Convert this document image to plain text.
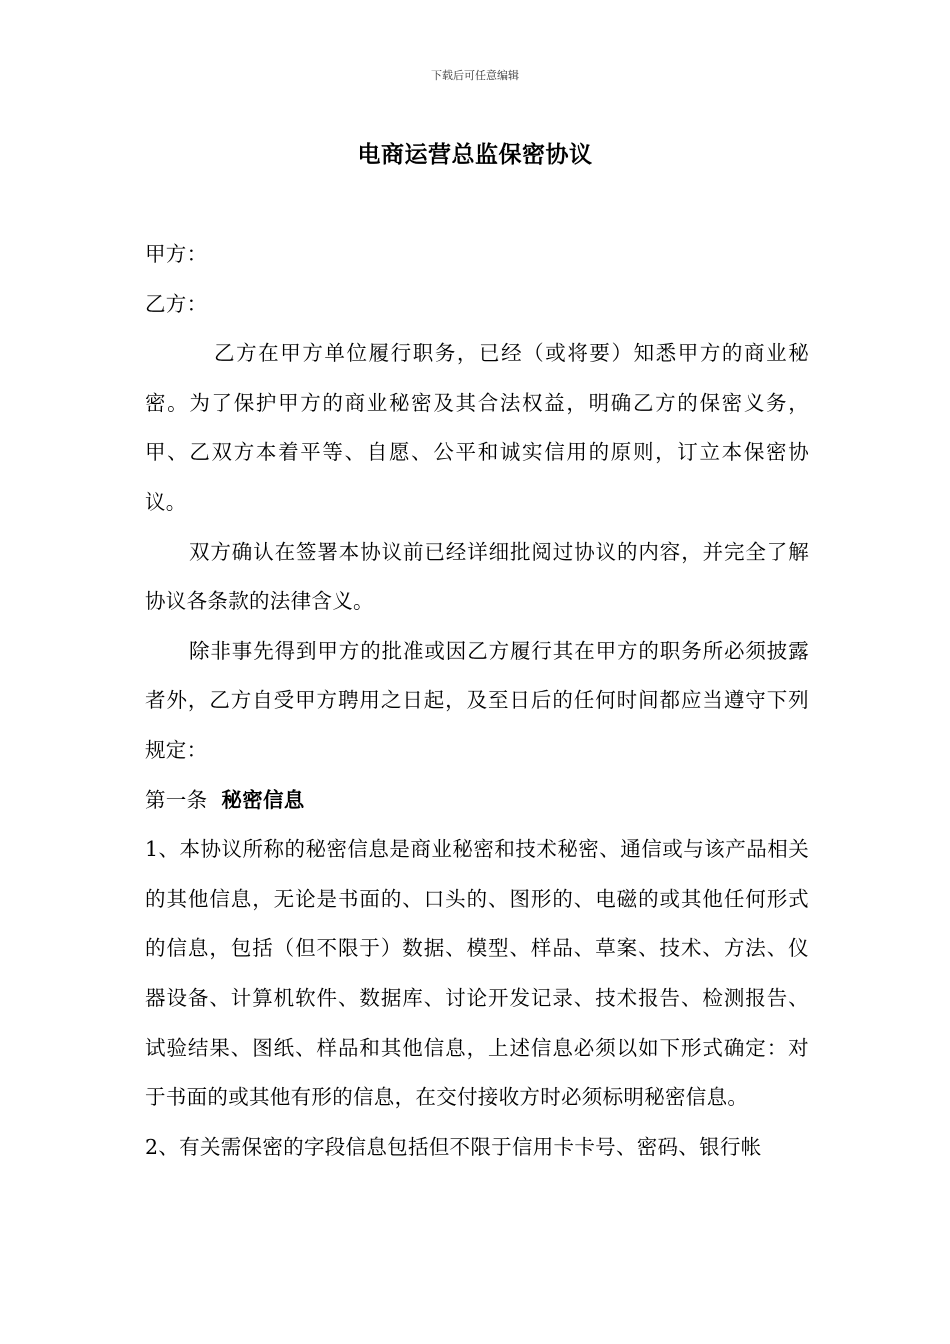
下载后可任意编辑
电商运营总监保密协议

甲方：

乙方：

乙方在甲方单位履行职务，已经（或将要）知悉甲方的商业秘密。为了保护甲方的商业秘密及其合法权益，明确乙方的保密义务，甲、乙双方本着平等、自愿、公平和诚实信用的原则，订立本保密协议。

双方确认在签署本协议前已经详细批阅过协议的内容，并完全了解协议各条款的法律含义。

除非事先得到甲方的批准或因乙方履行其在甲方的职务所必须披露者外，乙方自受甲方聘用之日起，及至日后的任何时间都应当遵守下列规定：

第一条 秘密信息

1、本协议所称的秘密信息是商业秘密和技术秘密、通信或与该产品相关的其他信息，无论是书面的、口头的、图形的、电磁的或其他任何形式的信息，包括（但不限于）数据、模型、样品、草案、技术、方法、仪器设备、计算机软件、数据库、讨论开发记录、技术报告、检测报告、试验结果、图纸、样品和其他信息，上述信息必须以如下形式确定：对于书面的或其他有形的信息，在交付接收方时必须标明秘密信息。

2、有关需保密的字段信息包括但不限于信用卡卡号、密码、银行帐
